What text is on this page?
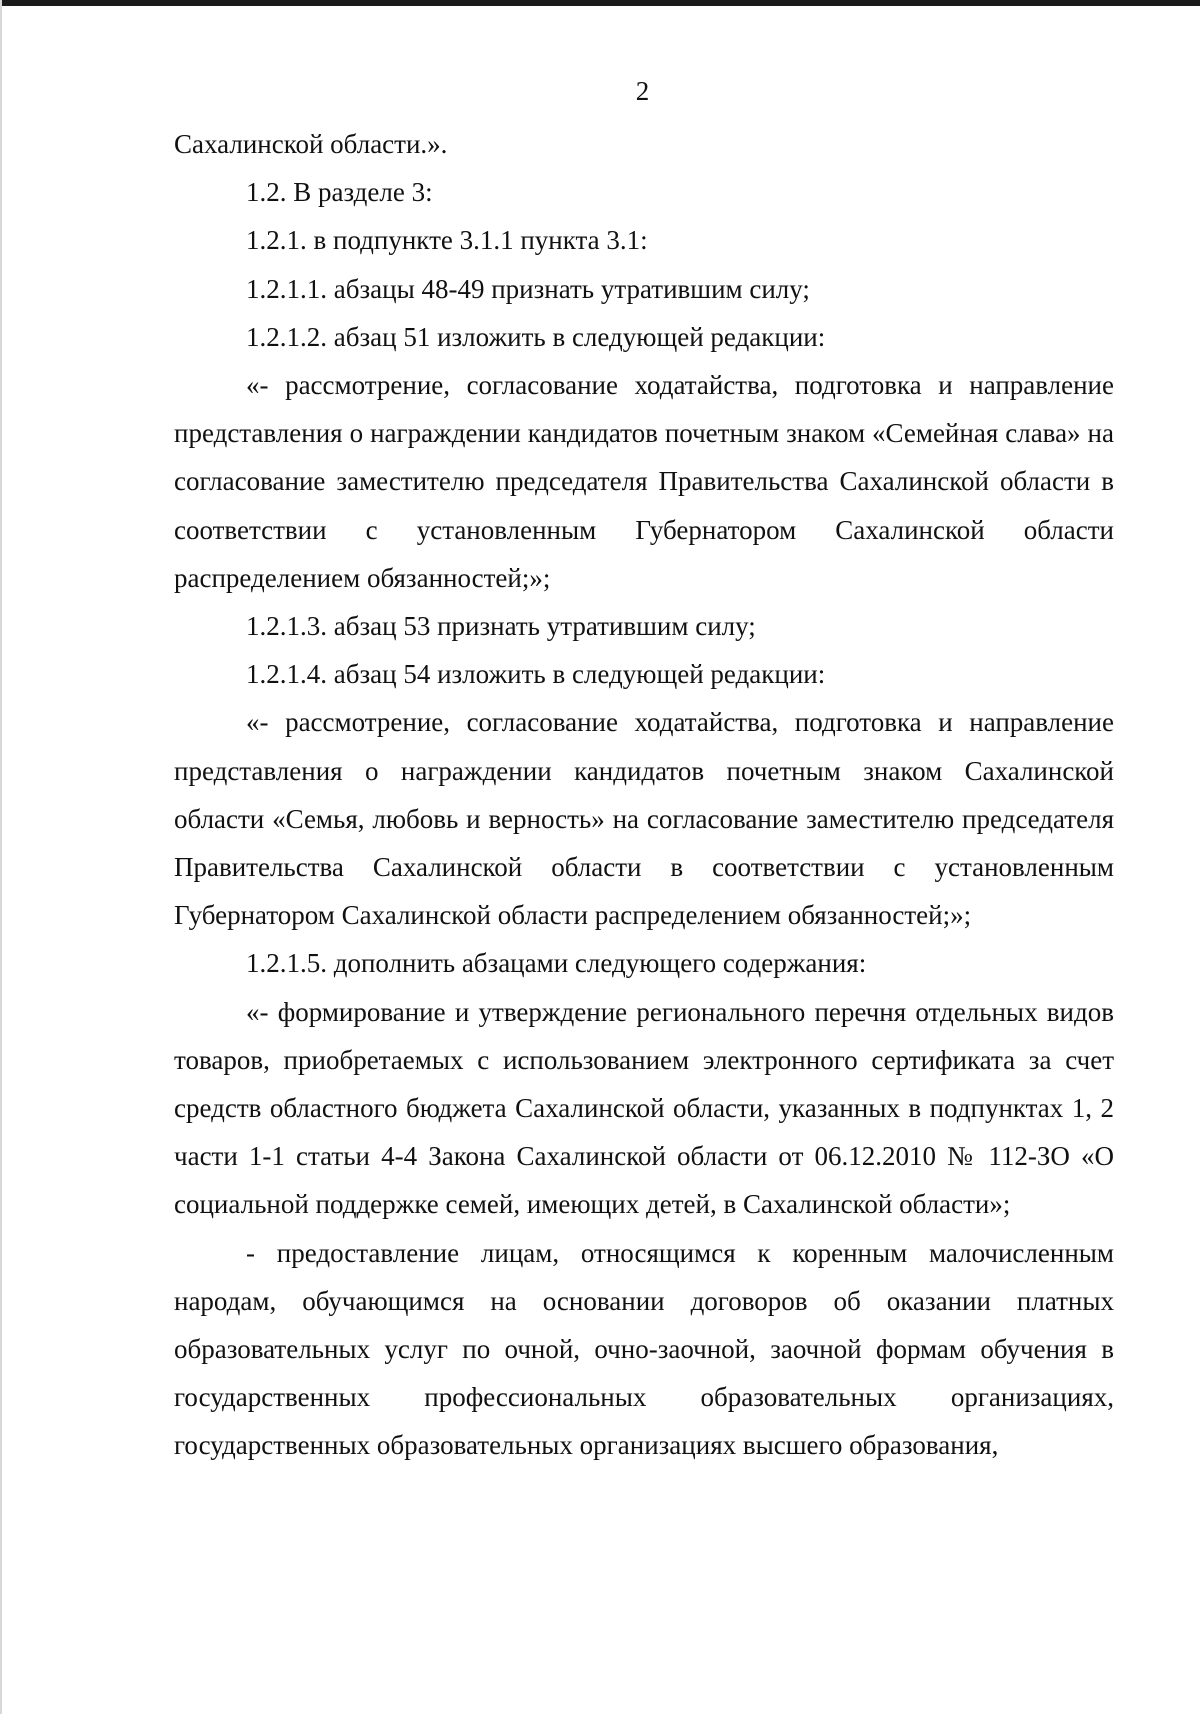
2

Сахалинской области.».

1.2. В разделе 3:

1.2.1. в подпункте 3.1.1 пункта 3.1:

1.2.1.1. абзацы 48-49 признать утратившим силу;

1.2.1.2. абзац 51 изложить в следующей редакции:

«- рассмотрение, согласование ходатайства, подготовка и направление представления о награждении кандидатов почетным знаком «Семейная слава» на согласование заместителю председателя Правительства Сахалинской области в соответствии с установленным Губернатором Сахалинской области распределением обязанностей;»;

1.2.1.3. абзац 53 признать утратившим силу;

1.2.1.4. абзац 54 изложить в следующей редакции:

«- рассмотрение, согласование ходатайства, подготовка и направление представления о награждении кандидатов почетным знаком Сахалинской области «Семья, любовь и верность» на согласование заместителю председателя Правительства Сахалинской области в соответствии с установленным Губернатором Сахалинской области распределением обязанностей;»;

1.2.1.5. дополнить абзацами следующего содержания:

«- формирование и утверждение регионального перечня отдельных видов товаров, приобретаемых с использованием электронного сертификата за счет средств областного бюджета Сахалинской области, указанных в подпунктах 1, 2 части 1-1 статьи 4-4 Закона Сахалинской области от 06.12.2010 № 112-ЗО «О социальной поддержке семей, имеющих детей, в Сахалинской области»;

- предоставление лицам, относящимся к коренным малочисленным народам, обучающимся на основании договоров об оказании платных образовательных услуг по очной, очно-заочной, заочной формам обучения в государственных профессиональных образовательных организациях, государственных образовательных организациях высшего образования,
